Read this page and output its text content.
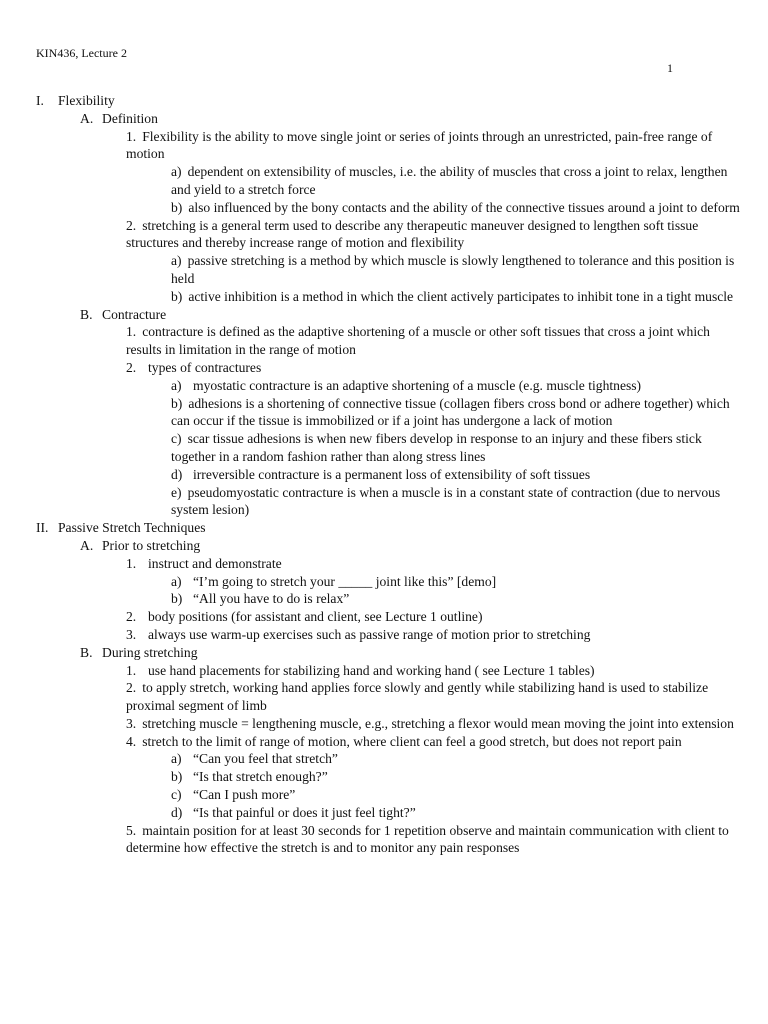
KIN436, Lecture 2
1
I. Flexibility
A. Definition
1. Flexibility is the ability to move single joint or series of joints through an unrestricted, pain-free range of motion
a) dependent on extensibility of muscles, i.e. the ability of muscles that cross a joint to relax, lengthen and yield to a stretch force
b) also influenced by the bony contacts and the ability of the connective tissues around a joint to deform
2. stretching is a general term used to describe any therapeutic maneuver designed to lengthen soft tissue structures and thereby increase range of motion and flexibility
a) passive stretching is a method by which muscle is slowly lengthened to tolerance and this position is held
b) active inhibition is a method in which the client actively participates to inhibit tone in a tight muscle
B. Contracture
1. contracture is defined as the adaptive shortening of a muscle or other soft tissues that cross a joint which results in limitation in the range of motion
2. types of contractures
a) myostatic contracture is an adaptive shortening of a muscle (e.g. muscle tightness)
b) adhesions is a shortening of connective tissue (collagen fibers cross bond or adhere together) which can occur if the tissue is immobilized or if a joint has undergone a lack of motion
c) scar tissue adhesions is when new fibers develop in response to an injury and these fibers stick together in a random fashion rather than along stress lines
d) irreversible contracture is a permanent loss of extensibility of soft tissues
e) pseudomyostatic contracture is when a muscle is in a constant state of contraction (due to nervous system lesion)
II. Passive Stretch Techniques
A. Prior to stretching
1. instruct and demonstrate
a) “I’m going to stretch your _____ joint like this” [demo]
b) “All you have to do is relax”
2. body positions (for assistant and client, see Lecture 1 outline)
3. always use warm-up exercises such as passive range of motion prior to stretching
B. During stretching
1. use hand placements for stabilizing hand and working hand ( see Lecture 1 tables)
2. to apply stretch, working hand applies force slowly and gently while stabilizing hand is used to stabilize proximal segment of limb
3. stretching muscle = lengthening muscle, e.g., stretching a flexor would mean moving the joint into extension
4. stretch to the limit of range of motion, where client can feel a good stretch, but does not report pain
a) “Can you feel that stretch”
b) “Is that stretch enough?”
c) “Can I push more”
d) “Is that painful or does it just feel tight?”
5. maintain position for at least 30 seconds for 1 repetition observe and maintain communication with client to determine how effective the stretch is and to monitor any pain responses
